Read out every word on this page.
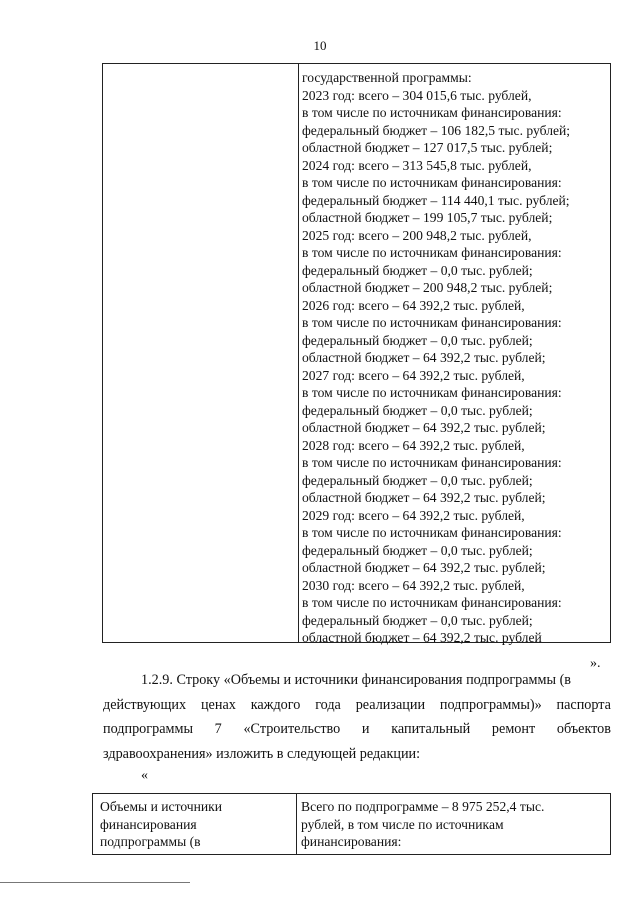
10
государственной программы:
2023 год: всего – 304 015,6 тыс. рублей,
в том числе по источникам финансирования:
федеральный бюджет – 106 182,5 тыс. рублей;
областной бюджет – 127 017,5 тыс. рублей;
2024 год: всего – 313 545,8 тыс. рублей,
в том числе по источникам финансирования:
федеральный бюджет – 114 440,1 тыс. рублей;
областной бюджет – 199 105,7 тыс. рублей;
2025 год: всего – 200 948,2 тыс. рублей,
в том числе по источникам финансирования:
федеральный бюджет – 0,0 тыс. рублей;
областной бюджет – 200 948,2 тыс. рублей;
2026 год: всего – 64 392,2 тыс. рублей,
в том числе по источникам финансирования:
федеральный бюджет – 0,0 тыс. рублей;
областной бюджет – 64 392,2 тыс. рублей;
2027 год: всего – 64 392,2 тыс. рублей,
в том числе по источникам финансирования:
федеральный бюджет – 0,0 тыс. рублей;
областной бюджет – 64 392,2 тыс. рублей;
2028 год: всего – 64 392,2 тыс. рублей,
в том числе по источникам финансирования:
федеральный бюджет – 0,0 тыс. рублей;
областной бюджет – 64 392,2 тыс. рублей;
2029 год: всего – 64 392,2 тыс. рублей,
в том числе по источникам финансирования:
федеральный бюджет – 0,0 тыс. рублей;
областной бюджет – 64 392,2 тыс. рублей;
2030 год: всего – 64 392,2 тыс. рублей,
в том числе по источникам финансирования:
федеральный бюджет – 0,0 тыс. рублей;
областной бюджет – 64 392,2 тыс. рублей
».
1.2.9. Строку «Объемы и источники финансирования подпрограммы (в
действующих ценах каждого года реализации подпрограммы)» паспорта
подпрограммы 7 «Строительство и капитальный ремонт объектов
здравоохранения» изложить в следующей редакции:
«
Объемы и источники
финансирования
подпрограммы (в
Всего по подпрограмме – 8 975 252,4 тыс.
рублей, в том числе по источникам
финансирования:
